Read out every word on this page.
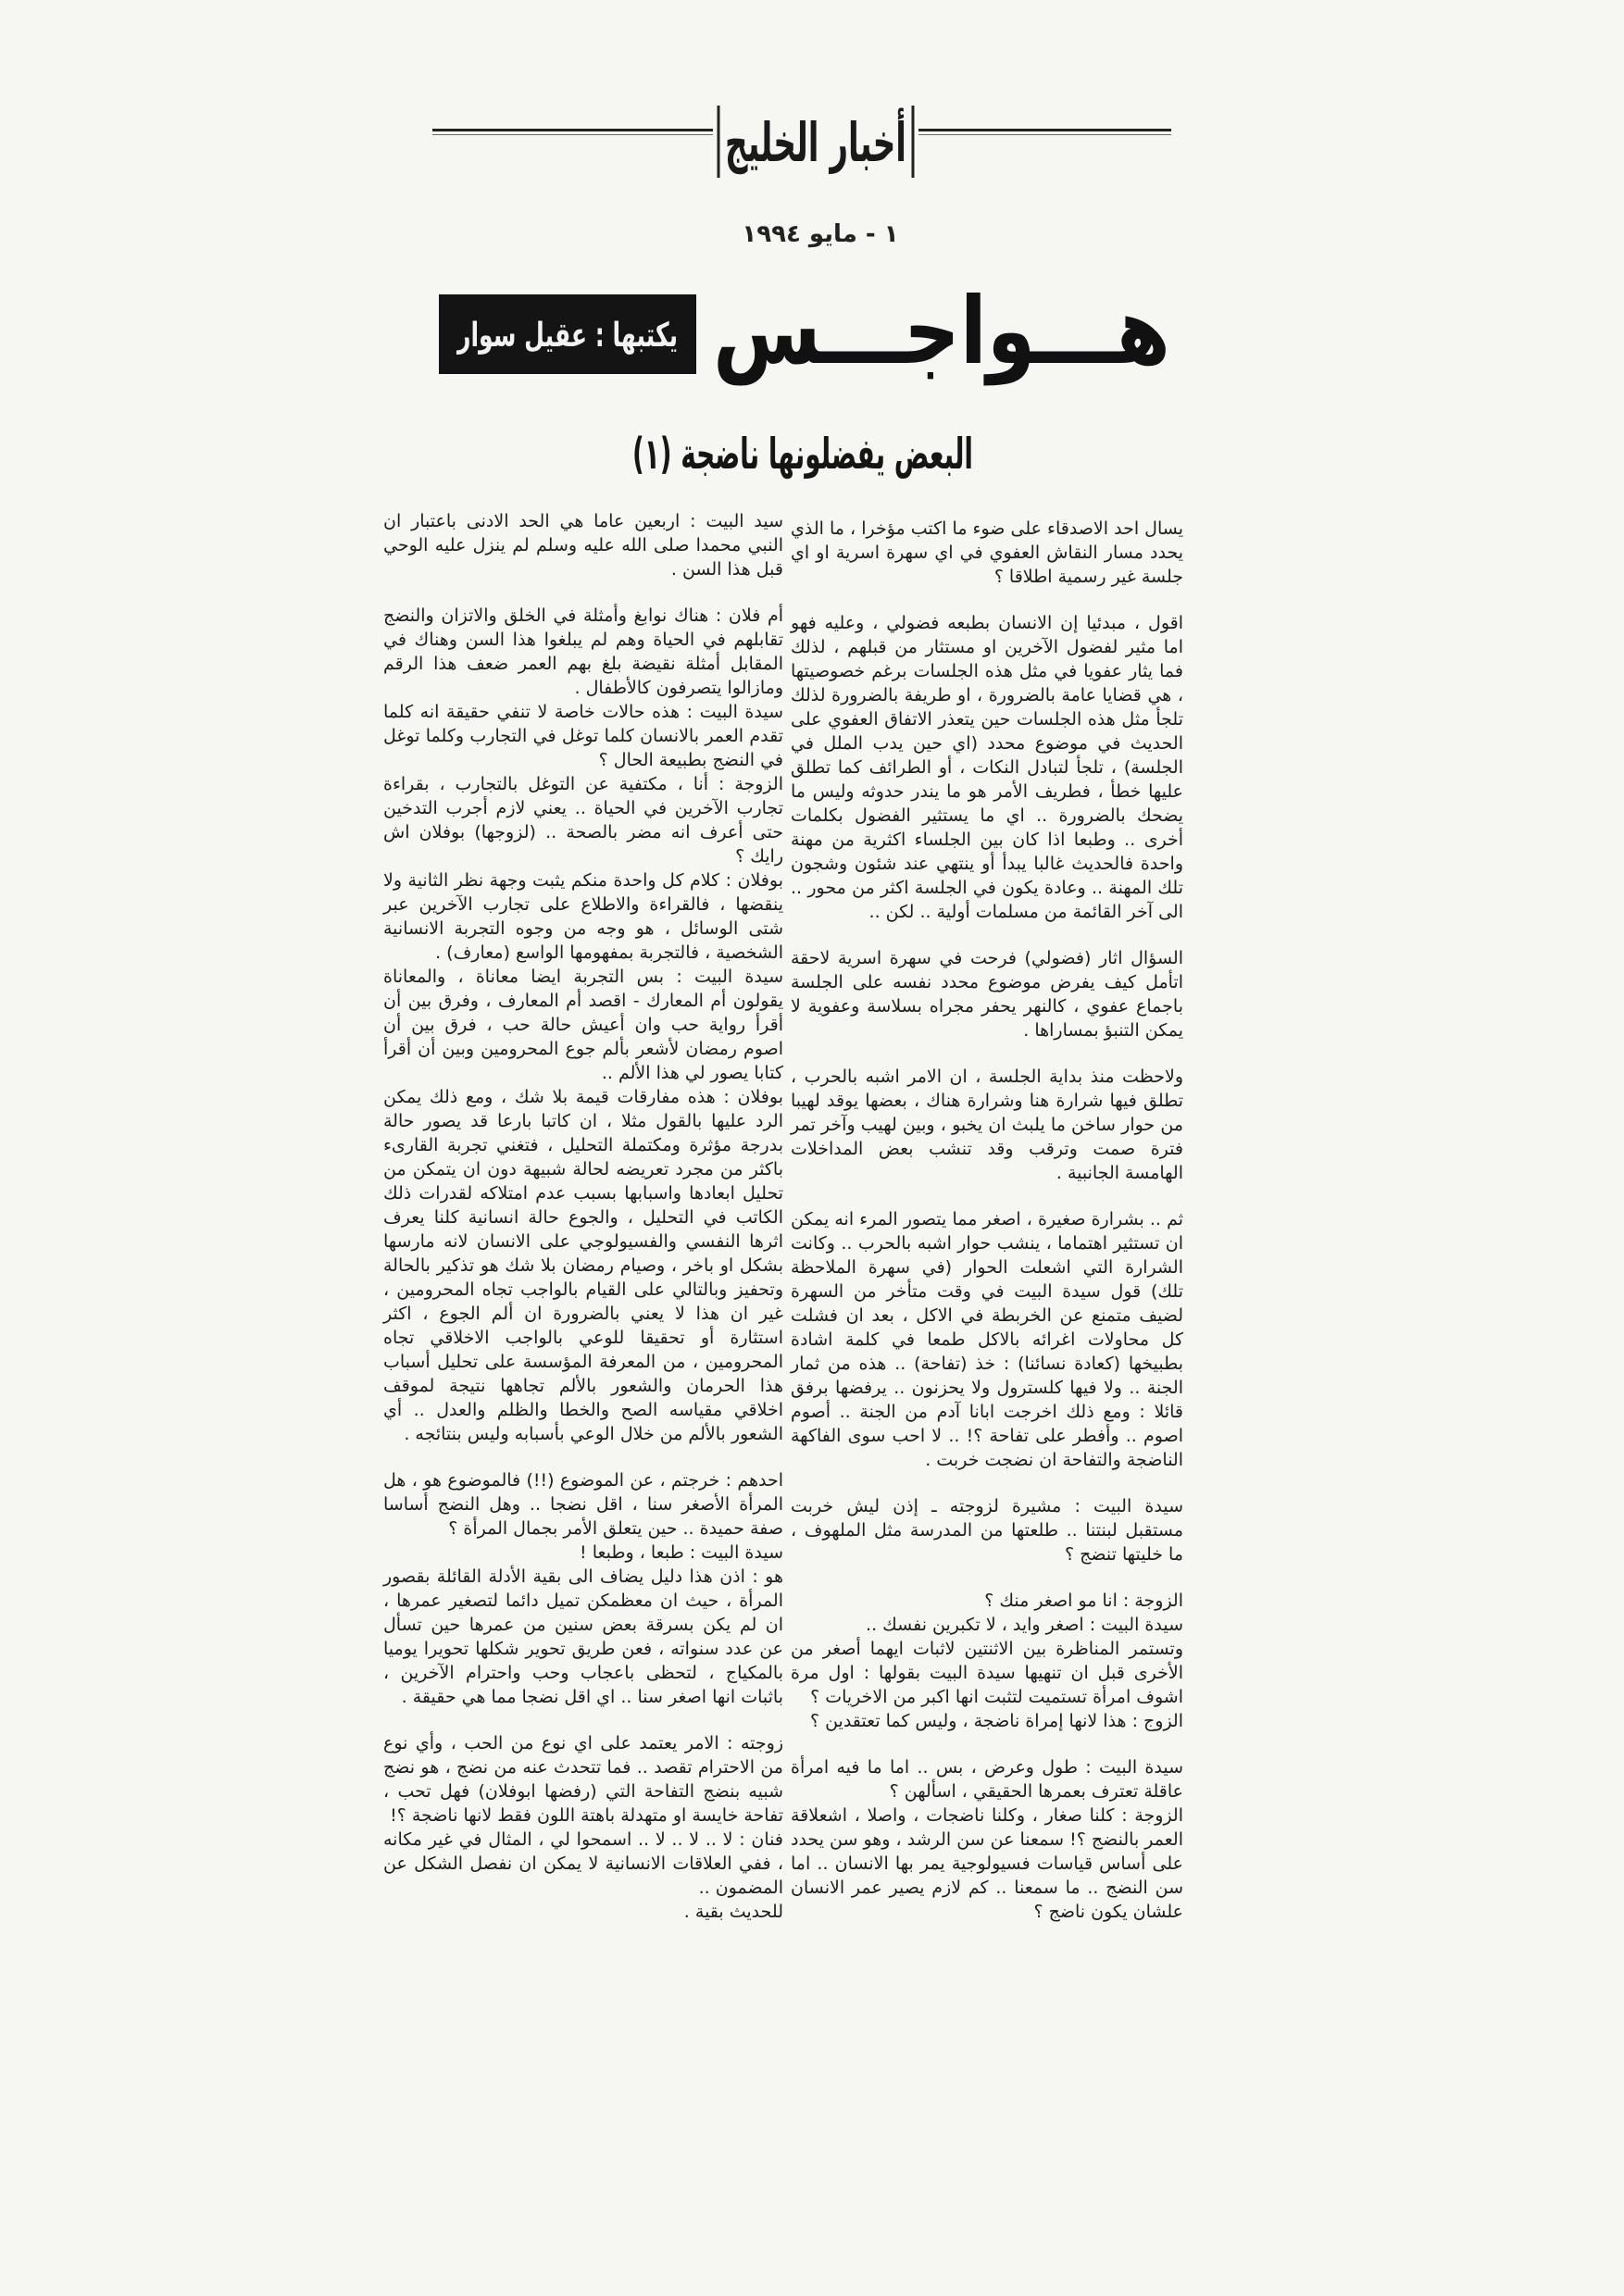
أخبار الخليج
١ - مايو ١٩٩٤
هـــواجـــس
يكتبها : عقيل سوار
البعض يفضلونها ناضجة (١)

يسال احد الاصدقاء على ضوء ما اكتب مؤخرا ، ما الذي يحدد مسار النقاش العفوي في اي سهرة اسرية او اي جلسة غير رسمية اطلاقا ؟

اقول ، مبدئيا إن الانسان بطبعه فضولي ، وعليه فهو اما مثير لفضول الآخرين او مستثار من قبلهم ، لذلك فما يثار عفويا في مثل هذه الجلسات برغم خصوصيتها ، هي قضايا عامة بالضرورة ، او طريفة بالضرورة لذلك تلجأ مثل هذه الجلسات حين يتعذر الاتفاق العفوي على الحديث في موضوع محدد (اي حين يدب الملل في الجلسة) ، تلجأ لتبادل النكات ، أو الطرائف كما تطلق عليها خطأ ، فطريف الأمر هو ما يندر حدوثه وليس ما يضحك بالضرورة .. اي ما يستثير الفضول بكلمات أخرى .. وطبعا اذا كان بين الجلساء اكثرية من مهنة واحدة فالحديث غالبا يبدأ أو ينتهي عند شئون وشجون تلك المهنة .. وعادة يكون في الجلسة اكثر من محور .. الى آخر القائمة من مسلمات أولية .. لكن ..

السؤال اثار (فضولي) فرحت في سهرة اسرية لاحقة اتأمل كيف يفرض موضوع محدد نفسه على الجلسة باجماع عفوي ، كالنهر يحفر مجراه بسلاسة وعفوية لا يمكن التنبؤ بمساراها .

ولاحظت منذ بداية الجلسة ، ان الامر اشبه بالحرب ، تطلق فيها شرارة هنا وشرارة هناك ، بعضها يوقد لهيبا من حوار ساخن ما يلبث ان يخبو ، وبين لهيب وآخر تمر فترة صمت وترقب وقد تنشب بعض المداخلات الهامسة الجانبية .

ثم .. بشرارة صغيرة ، اصغر مما يتصور المرء انه يمكن ان تستثير اهتماما ، ينشب حوار اشبه بالحرب .. وكانت الشرارة التي اشعلت الحوار (في سهرة الملاحظة تلك) قول سيدة البيت في وقت متأخر من السهرة لضيف متمنع عن الخربطة في الاكل ، بعد ان فشلت كل محاولات اغرائه بالاكل طمعا في كلمة اشادة بطبيخها (كعادة نسائنا) : خذ (تفاحة) .. هذه من ثمار الجنة .. ولا فيها كلسترول ولا يحزنون .. يرفضها برفق قائلا : ومع ذلك اخرجت ابانا آدم من الجنة .. أصوم اصوم .. وأفطر على تفاحة ؟! .. لا احب سوى الفاكهة الناضجة والتفاحة ان نضجت خربت .

سيدة البيت : مشيرة لزوجته ـ إذن ليش خربت مستقبل لبنتنا .. طلعتها من المدرسة مثل الملهوف ، ما خليتها تنضج ؟

الزوجة : انا مو اصغر منك ؟

سيدة البيت : اصغر وايد ، لا تكبرين نفسك ..

وتستمر المناظرة بين الاثنتين لاثبات ايهما أصغر من الأخرى قبل ان تنهيها سيدة البيت بقولها : اول مرة اشوف امرأة تستميت لتثبت انها اكبر من الاخريات ؟

الزوج : هذا لانها إمراة ناضجة ، وليس كما تعتقدين ؟

سيدة البيت : طول وعرض ، بس .. اما ما فيه امرأة عاقلة تعترف بعمرها الحقيقي ، اسألهن ؟

الزوجة : كلنا صغار ، وكلنا ناضجات ، واصلا ، اشعلاقة العمر بالنضج ؟! سمعنا عن سن الرشد ، وهو سن يحدد على أساس قياسات فسيولوجية يمر بها الانسان .. اما سن النضج .. ما سمعنا .. كم لازم يصير عمر الانسان علشان يكون ناضج ؟

سيد البيت : اربعين عاما هي الحد الادنى باعتبار ان النبي محمدا صلى الله عليه وسلم لم ينزل عليه الوحي قبل هذا السن .

أم فلان : هناك نوابغ وأمثلة في الخلق والاتزان والنضج تقابلهم في الحياة وهم لم يبلغوا هذا السن وهناك في المقابل أمثلة نقيضة بلغ بهم العمر ضعف هذا الرقم ومازالوا يتصرفون كالأطفال .

سيدة البيت : هذه حالات خاصة لا تنفي حقيقة انه كلما تقدم العمر بالانسان كلما توغل في التجارب وكلما توغل في النضج بطبيعة الحال ؟

الزوجة : أنا ، مكتفية عن التوغل بالتجارب ، بقراءة تجارب الآخرين في الحياة .. يعني لازم أجرب التدخين حتى أعرف انه مضر بالصحة .. (لزوجها) بوفلان اش رايك ؟

بوفلان : كلام كل واحدة منكم يثبت وجهة نظر الثانية ولا ينقضها ، فالقراءة والاطلاع على تجارب الآخرين عبر شتى الوسائل ، هو وجه من وجوه التجربة الانسانية الشخصية ، فالتجربة بمفهومها الواسع (معارف) .

سيدة البيت : بس التجربة ايضا معاناة ، والمعاناة يقولون أم المعارك - اقصد أم المعارف ، وفرق بين أن أقرأ رواية حب وان أعيش حالة حب ، فرق بين أن اصوم رمضان لأشعر بألم جوع المحرومين وبين أن أقرأ كتابا يصور لي هذا الألم ..

بوفلان : هذه مفارقات قيمة بلا شك ، ومع ذلك يمكن الرد عليها بالقول مثلا ، ان كاتبا بارعا قد يصور حالة بدرجة مؤثرة ومكتملة التحليل ، فتغني تجربة القارىء باكثر من مجرد تعريضه لحالة شبيهة دون ان يتمكن من تحليل ابعادها واسبابها بسبب عدم امتلاكه لقدرات ذلك الكاتب في التحليل ، والجوع حالة انسانية كلنا يعرف اثرها النفسي والفسيولوجي على الانسان لانه مارسها بشكل او باخر ، وصيام رمضان بلا شك هو تذكير بالحالة وتحفيز وبالتالي على القيام بالواجب تجاه المحرومين ، غير ان هذا لا يعني بالضرورة ان ألم الجوع ، اكثر استثارة أو تحقيقا للوعي بالواجب الاخلاقي تجاه المحرومين ، من المعرفة المؤسسة على تحليل أسباب هذا الحرمان والشعور بالألم تجاهها نتيجة لموقف اخلاقي مقياسه الصح والخطا والظلم والعدل .. أي الشعور بالألم من خلال الوعي بأسبابه وليس بنتائجه .

احدهم : خرجتم ، عن الموضوع (!!) فالموضوع هو ، هل المرأة الأصغر سنا ، اقل نضجا .. وهل النضج أساسا صفة حميدة .. حين يتعلق الأمر بجمال المرأة ؟

سيدة البيت : طبعا ، وطبعا !

هو : اذن هذا دليل يضاف الى بقية الأدلة القائلة بقصور المرأة ، حيث ان معظمكن تميل دائما لتصغير عمرها ، ان لم يكن بسرقة بعض سنين من عمرها حين تسأل عن عدد سنواته ، فعن طريق تحوير شكلها تحويرا يوميا بالمكياج ، لتحظى باعجاب وحب واحترام الآخرين ، باثبات انها اصغر سنا .. اي اقل نضجا مما هي حقيقة .

زوجته : الامر يعتمد على اي نوع من الحب ، وأي نوع من الاحترام تقصد .. فما تتحدث عنه من نضج ، هو نضج شبيه بنضج التفاحة التي (رفضها ابوفلان) فهل تحب ، تفاحة خايسة او متهدلة باهتة اللون فقط لانها ناضجة ؟!

فنان : لا .. لا .. لا .. اسمحوا لي ، المثال في غير مكانه ، ففي العلاقات الانسانية لا يمكن ان نفصل الشكل عن المضمون ..

للحديث بقية .
